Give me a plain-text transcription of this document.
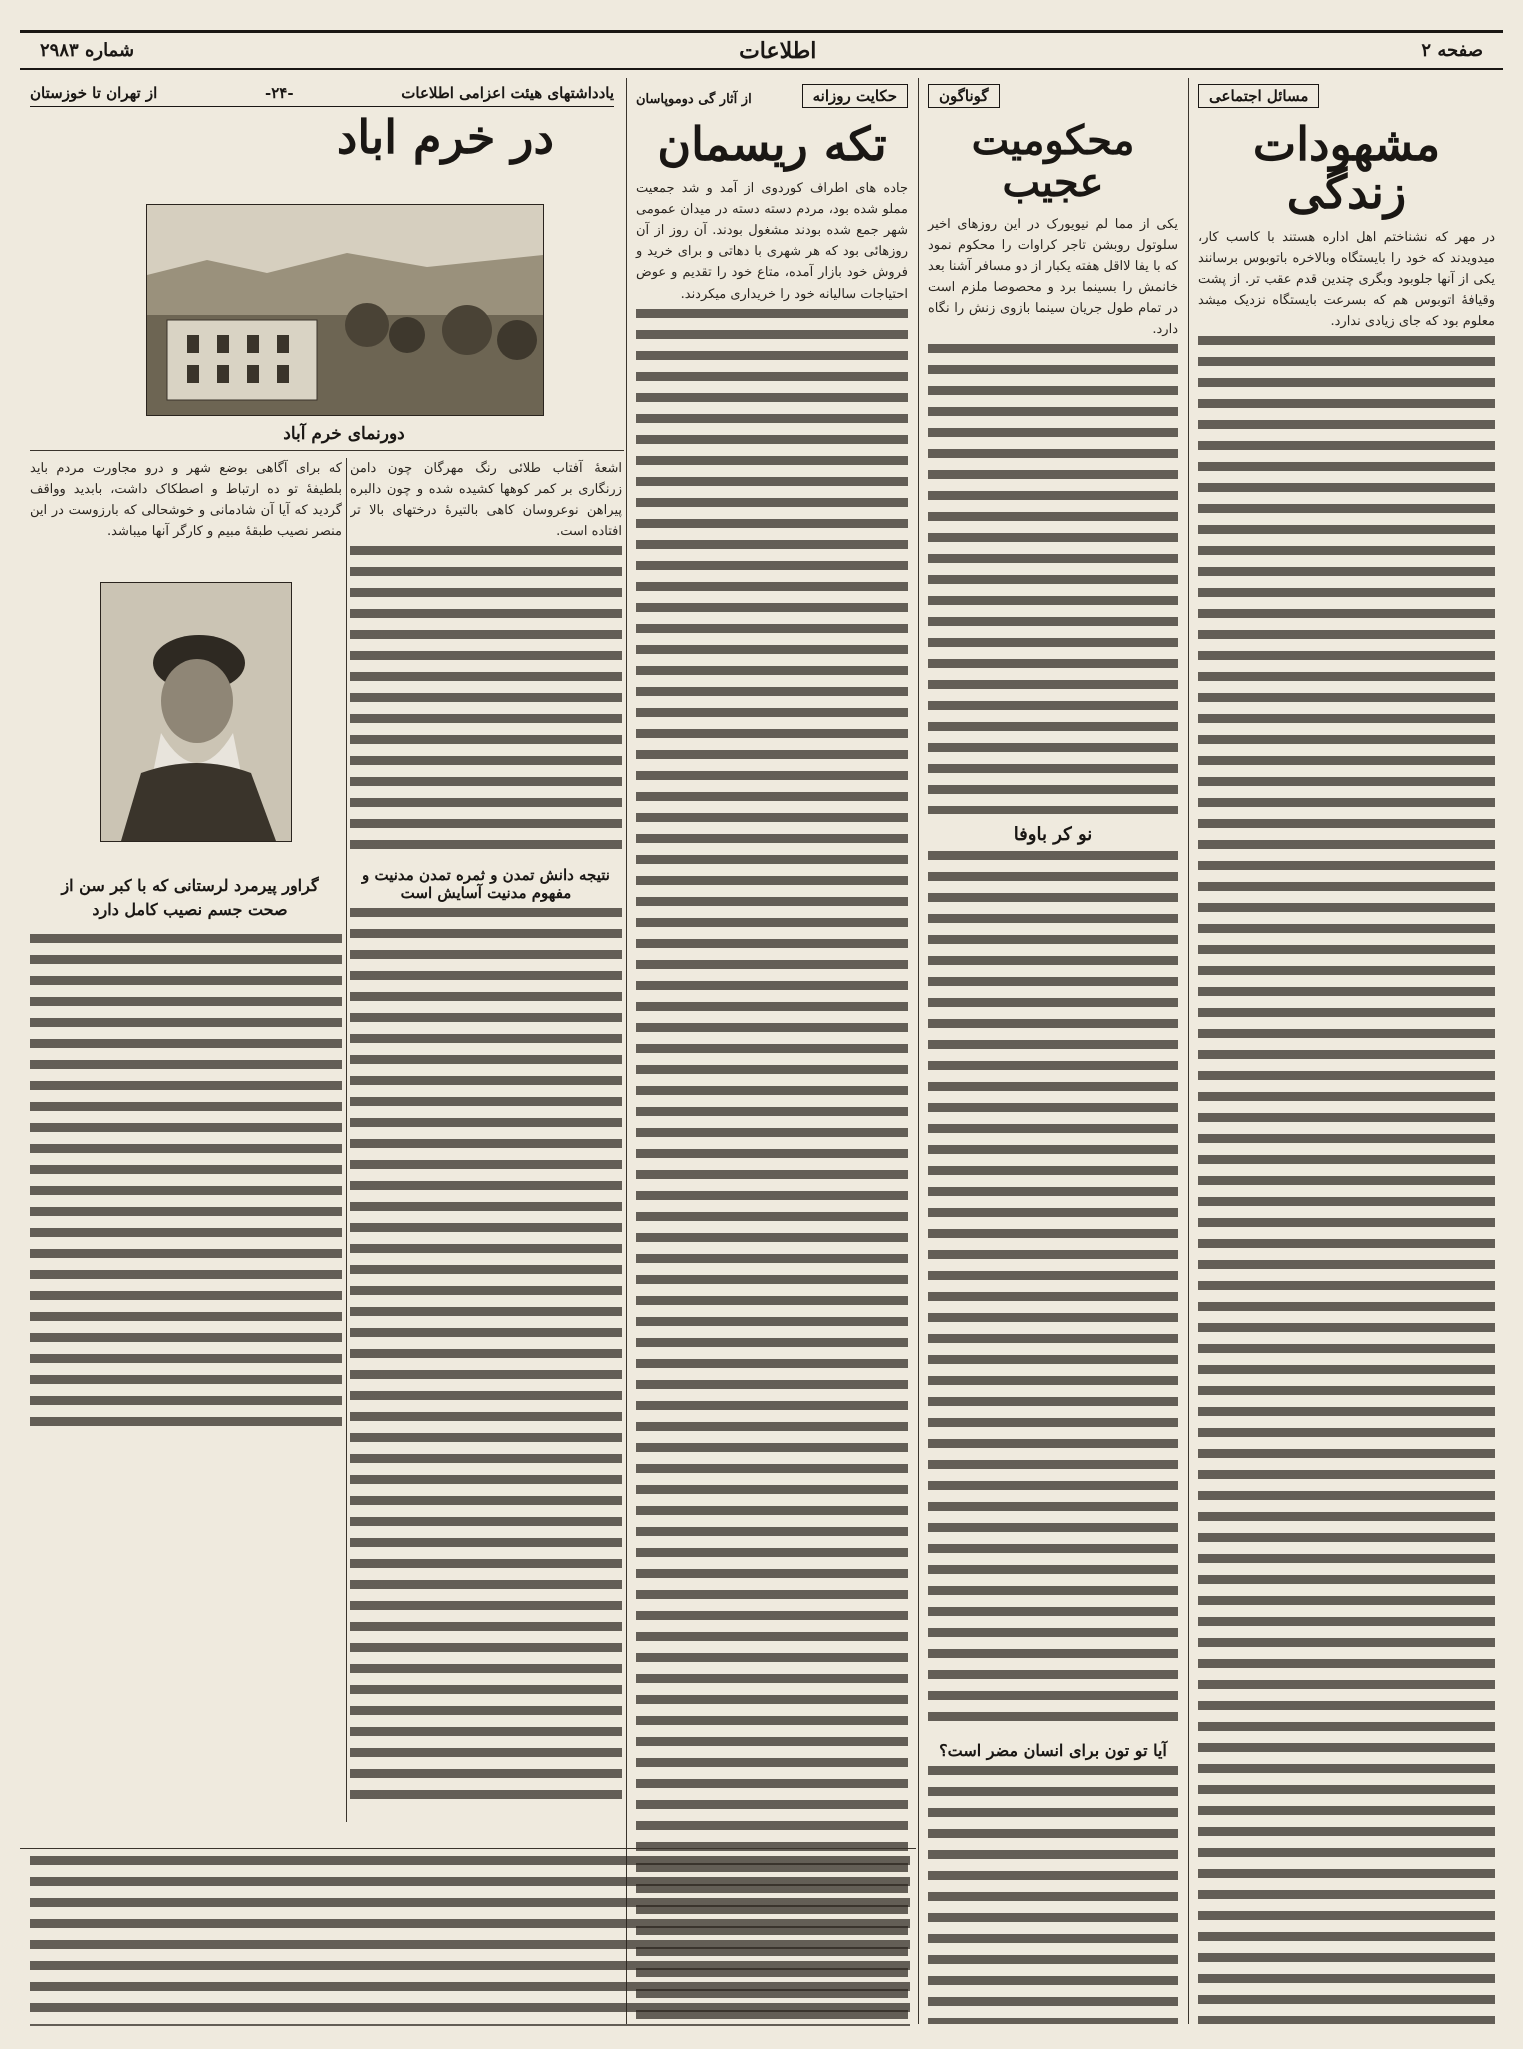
صفحه ۲
اطلاعات
شماره ۲۹۸۳
مسائل اجتماعی
مشهودات زندگی

در مهر که نشناختم اهل اداره هستند با کاسب کار، میدویدند که خود را بایستگاه وبالاخره باتوبوس برسانند یکی از آنها جلوبود وبگری چندین قدم عقب تر. از پشت وقیافۀ اتوبوس هم که بسرعت بایستگاه نزدیک میشد معلوم بود که جای زیادی ندارد.

گوناگون
محکومیت عجیب

یکی از مما لم نیویورک در این روزهای اخیر سلوتول روبشن تاجر کراوات را محکوم نمود که با یفا لااقل هفته یکبار از دو مسافر آشنا بعد خانمش را بسینما برد و محصوصا ملزم است در تمام طول جریان سینما بازوی زنش را نگاه دارد.

نو کر باوفا
آیا تو تون برای انسان مضر است؟
حکایت روزانه
از آثار گی دوموپاسان
تکه ریسمان

جاده های اطراف کوردوی از آمد و شد جمعیت مملو شده بود، مردم دسته دسته در میدان عمومی شهر جمع شده بودند مشغول بودند. آن روز از آن روزهائی بود که هر شهری با دهاتی و برای خرید و فروش خود بازار آمده، متاع خود را تقدیم و عوض احتیاجات سالیانه خود را خریداری میکردند.

یادداشتهای هیئت اعزامی اطلاعات
-۲۴-
از تهران تا خوزستان
در خرم اباد
دورنمای خرم آباد

اشعهٔ آفتاب طلائی رنگ مهرگان چون دامن زرنگاری بر کمر کوهها کشیده شده و چون دالبره پیراهن نوعروسان کاهی بالتیرۀ درختهای بالا تر افتاده است.

نتیجه دانش تمدن و ثمره تمدن مدنیت و مفهوم مدنیت آسایش است

که برای آگاهی بوضع شهر و درو مجاورت مردم باید بلطیفهٔ تو ده ارتباط و اصطکاک داشت، بابدید وواقف گردید که آیا آن شادمانی و خوشحالی که بارزوست در این منصر نصیب طبقهٔ مبیم و کارگر آنها میباشد.

گراور پیرمرد لرستانی که با کبر سن از صحت جسم نصیب کامل دارد
